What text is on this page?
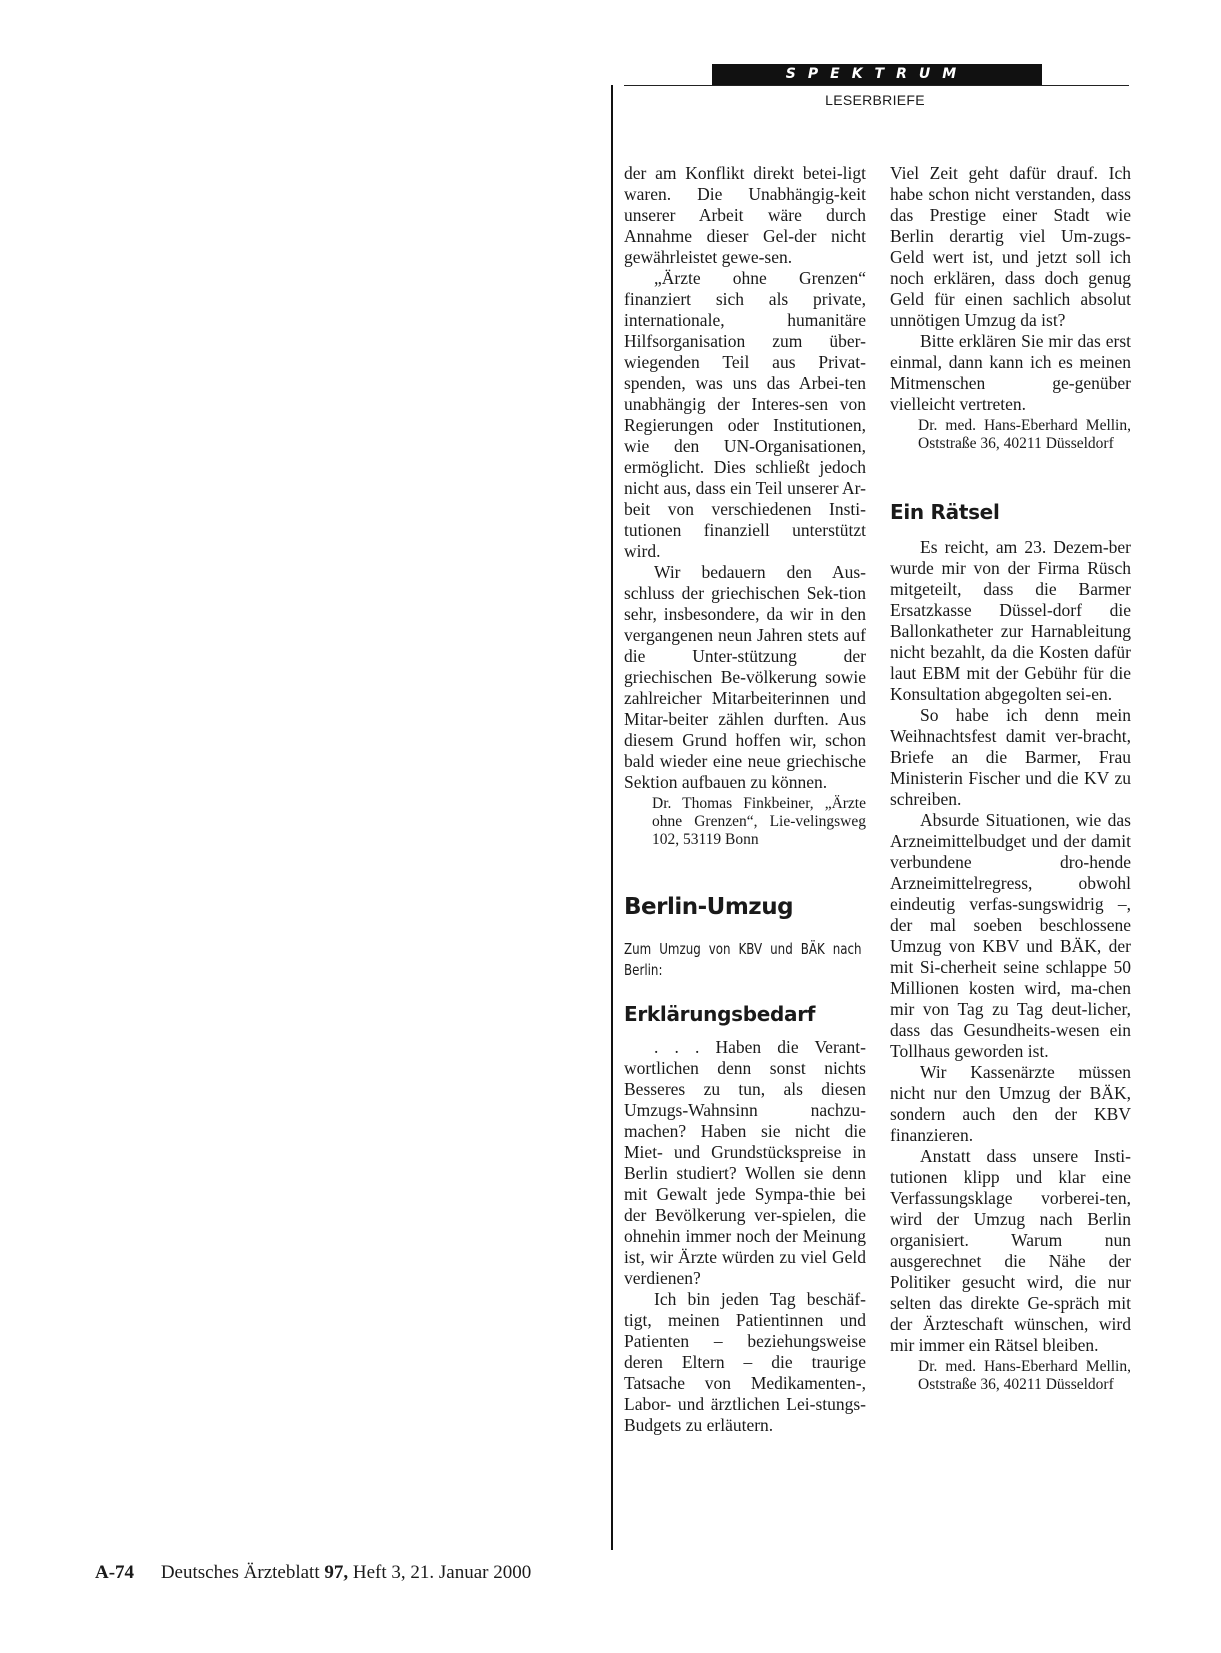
SPEKTRUM
LESERBRIEFE

der am Konflikt direkt betei-ligt waren. Die Unabhängig-keit unserer Arbeit wäre durch Annahme dieser Gel-der nicht gewährleistet gewe-sen.

„Ärzte ohne Grenzen“ finanziert sich als private, internationale, humanitäre Hilfsorganisation zum über-wiegenden Teil aus Privat-spenden, was uns das Arbei-ten unabhängig der Interes-sen von Regierungen oder Institutionen, wie den UN-Organisationen, ermöglicht. Dies schließt jedoch nicht aus, dass ein Teil unserer Ar-beit von verschiedenen Insti-tutionen finanziell unterstützt wird.

Wir bedauern den Aus-schluss der griechischen Sek-tion sehr, insbesondere, da wir in den vergangenen neun Jahren stets auf die Unter-stützung der griechischen Be-völkerung sowie zahlreicher Mitarbeiterinnen und Mitar-beiter zählen durften. Aus diesem Grund hoffen wir, schon bald wieder eine neue griechische Sektion aufbauen zu können.

Dr. Thomas Finkbeiner, „Ärzte ohne Grenzen“, Lie-velingsweg 102, 53119 Bonn

Berlin-Umzug
Zum Umzug von KBV und BÄK nach Berlin:
Erklärungsbedarf

. . . Haben die Verant-wortlichen denn sonst nichts Besseres zu tun, als diesen Umzugs-Wahnsinn nachzu-machen? Haben sie nicht die Miet- und Grundstückspreise in Berlin studiert? Wollen sie denn mit Gewalt jede Sympa-thie bei der Bevölkerung ver-spielen, die ohnehin immer noch der Meinung ist, wir Ärzte würden zu viel Geld verdienen?

Ich bin jeden Tag beschäf-tigt, meinen Patientinnen und Patienten – beziehungsweise deren Eltern – die traurige Tatsache von Medikamenten-, Labor- und ärztlichen Lei-stungs-Budgets zu erläutern.

Viel Zeit geht dafür drauf. Ich habe schon nicht verstanden, dass das Prestige einer Stadt wie Berlin derartig viel Um-zugs-Geld wert ist, und jetzt soll ich noch erklären, dass doch genug Geld für einen sachlich absolut unnötigen Umzug da ist?

Bitte erklären Sie mir das erst einmal, dann kann ich es meinen Mitmenschen ge-genüber vielleicht vertreten.

Dr. med. Hans-Eberhard Mellin, Oststraße 36, 40211 Düsseldorf

Ein Rätsel

Es reicht, am 23. Dezem-ber wurde mir von der Firma Rüsch mitgeteilt, dass die Barmer Ersatzkasse Düssel-dorf die Ballonkatheter zur Harnableitung nicht bezahlt, da die Kosten dafür laut EBM mit der Gebühr für die Konsultation abgegolten sei-en.

So habe ich denn mein Weihnachtsfest damit ver-bracht, Briefe an die Barmer, Frau Ministerin Fischer und die KV zu schreiben.

Absurde Situationen, wie das Arzneimittelbudget und der damit verbundene dro-hende Arzneimittelregress, obwohl eindeutig verfas-sungswidrig –, der mal soeben beschlossene Umzug von KBV und BÄK, der mit Si-cherheit seine schlappe 50 Millionen kosten wird, ma-chen mir von Tag zu Tag deut-licher, dass das Gesundheits-wesen ein Tollhaus geworden ist.

Wir Kassenärzte müssen nicht nur den Umzug der BÄK, sondern auch den der KBV finanzieren.

Anstatt dass unsere Insti-tutionen klipp und klar eine Verfassungsklage vorberei-ten, wird der Umzug nach Berlin organisiert. Warum nun ausgerechnet die Nähe der Politiker gesucht wird, die nur selten das direkte Ge-spräch mit der Ärzteschaft wünschen, wird mir immer ein Rätsel bleiben.

Dr. med. Hans-Eberhard Mellin, Oststraße 36, 40211 Düsseldorf

A-74 Deutsches Ärzteblatt 97, Heft 3, 21. Januar 2000
